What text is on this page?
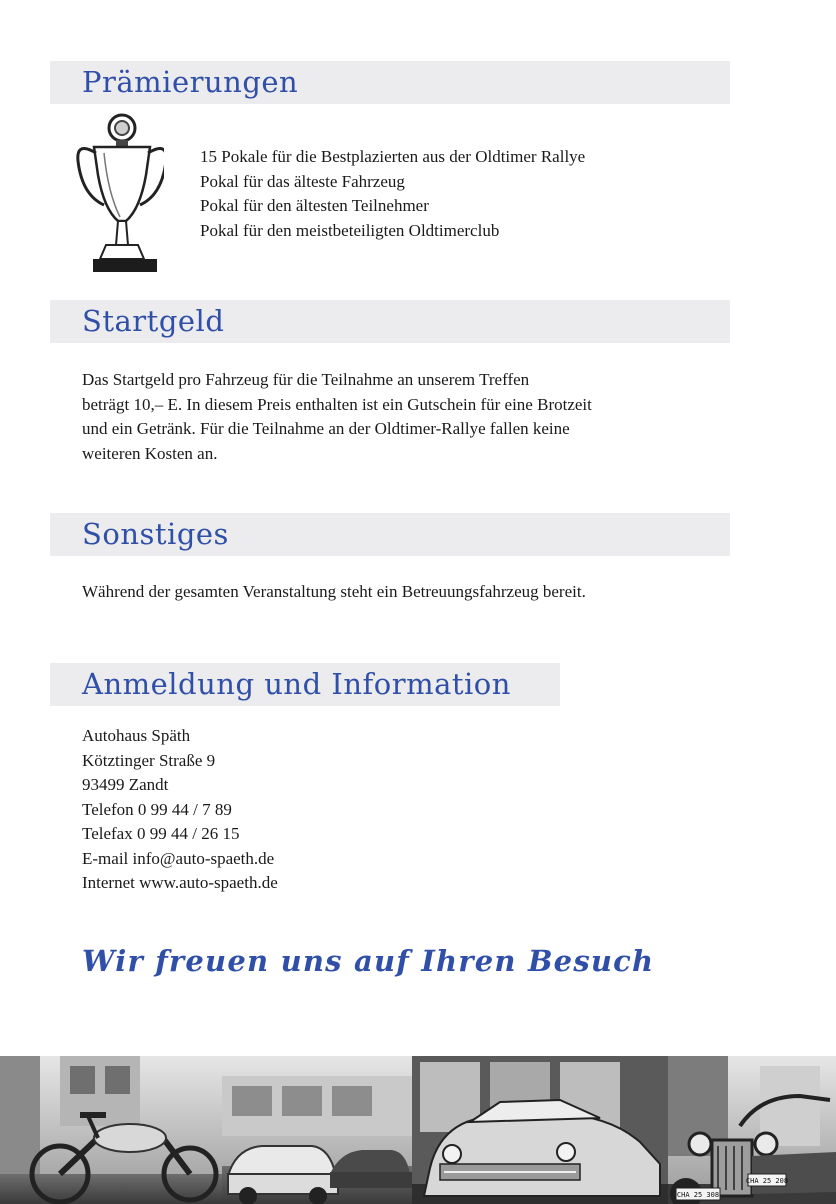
Prämierungen
15 Pokale für die Bestplazierten aus der Oldtimer Rallye
Pokal für das älteste Fahrzeug
Pokal für den ältesten Teilnehmer
Pokal für den meistbeteiligten Oldtimerclub
Startgeld
Das Startgeld pro Fahrzeug für die Teilnahme an unserem Treffen
beträgt 10,– E. In diesem Preis enthalten ist ein Gutschein für eine Brotzeit
und ein Getränk. Für die Teilnahme an der Oldtimer-Rallye fallen keine
weiteren Kosten an.
Sonstiges
Während der gesamten Veranstaltung steht ein Betreuungsfahrzeug bereit.
Anmeldung und Information
Autohaus Späth
Kötztinger Straße 9
93499 Zandt
Telefon 0 99 44 / 7 89
Telefax 0 99 44 / 26 15
E-mail info@auto-spaeth.de
Internet www.auto-spaeth.de

Wir freuen uns auf Ihren Besuch

CHA 25 308
CHA 25 208
